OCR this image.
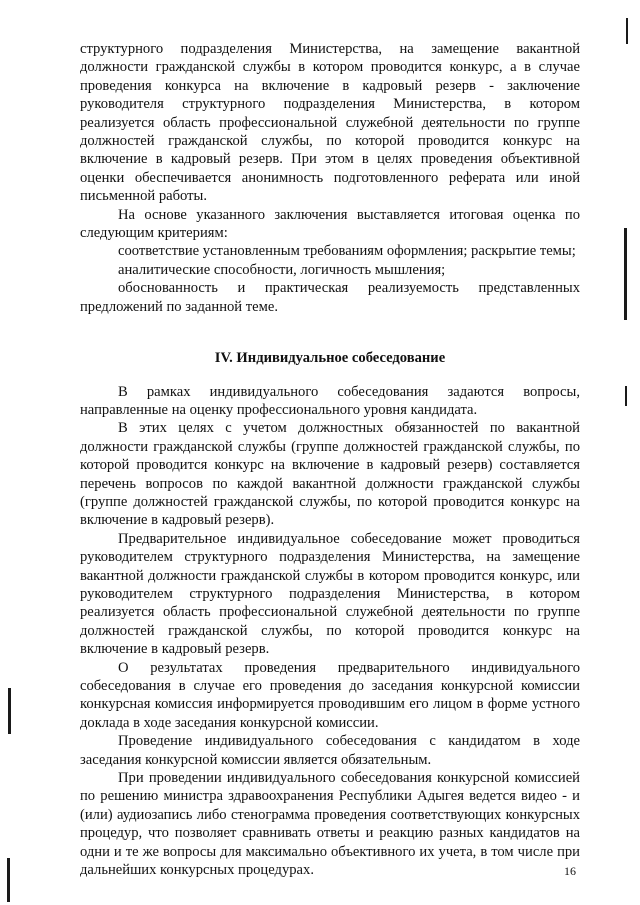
структурного подразделения Министерства, на замещение вакантной должности гражданской службы в котором проводится конкурс, а в случае проведения конкурса на включение в кадровый резерв - заключение руководителя структурного подразделения Министерства, в котором реализуется область профессиональной служебной деятельности по группе должностей гражданской службы, по которой проводится конкурс на включение в кадровый резерв. При этом в целях проведения объективной оценки обеспечивается анонимность подготовленного реферата или иной письменной работы.

На основе указанного заключения выставляется итоговая оценка по следующим критериям:

соответствие установленным требованиям оформления; раскрытие темы;

аналитические способности, логичность мышления;

обоснованность и практическая реализуемость представленных предложений по заданной теме.

IV. Индивидуальное собеседование

В рамках индивидуального собеседования задаются вопросы, направленные на оценку профессионального уровня кандидата.

В этих целях с учетом должностных обязанностей по вакантной должности гражданской службы (группе должностей гражданской службы, по которой проводится конкурс на включение в кадровый резерв) составляется перечень вопросов по каждой вакантной должности гражданской службы (группе должностей гражданской службы, по которой проводится конкурс на включение в кадровый резерв).

Предварительное индивидуальное собеседование может проводиться руководителем структурного подразделения Министерства, на замещение вакантной должности гражданской службы в котором проводится конкурс, или руководителем структурного подразделения Министерства, в котором реализуется область профессиональной служебной деятельности по группе должностей гражданской службы, по которой проводится конкурс на включение в кадровый резерв.

О результатах проведения предварительного индивидуального собеседования в случае его проведения до заседания конкурсной комиссии конкурсная комиссия информируется проводившим его лицом в форме устного доклада в ходе заседания конкурсной комиссии.

Проведение индивидуального собеседования с кандидатом в ходе заседания конкурсной комиссии является обязательным.

При проведении индивидуального собеседования конкурсной комиссией по решению министра здравоохранения Республики Адыгея ведется видео - и (или) аудиозапись либо стенограмма проведения соответствующих конкурсных процедур, что позволяет сравнивать ответы и реакцию разных кандидатов на одни и те же вопросы для максимально объективного их учета, в том числе при дальнейших конкурсных процедурах.	16
